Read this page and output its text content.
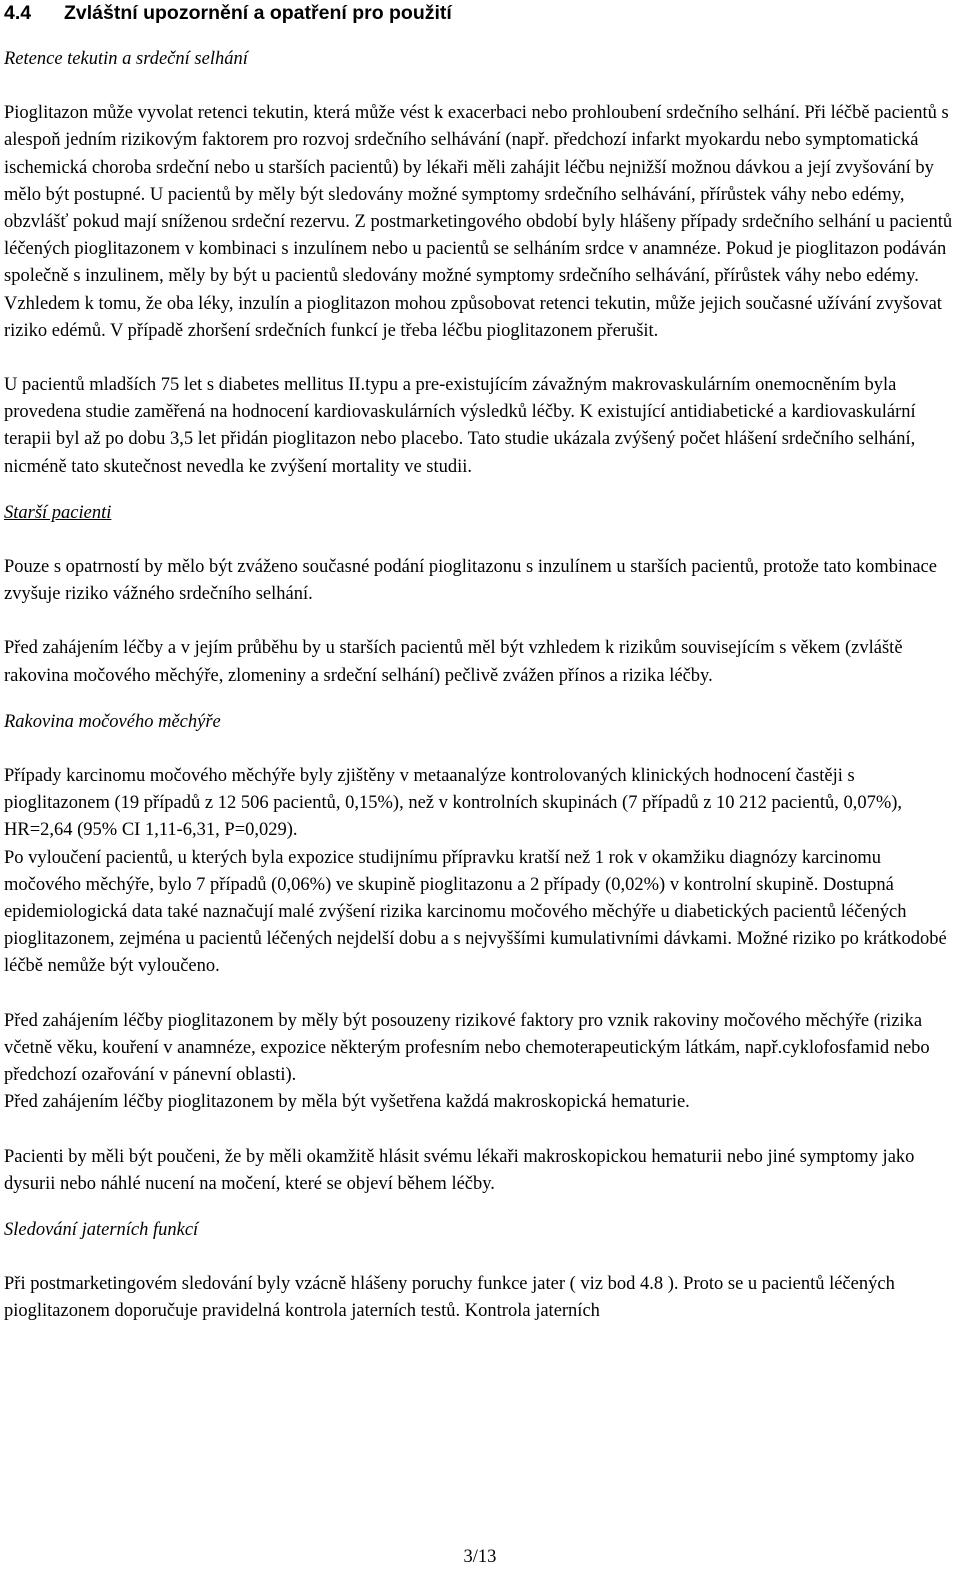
4.4	Zvláštní upozornění a opatření pro použití
Retence tekutin a srdeční selhání

Pioglitazon může vyvolat retenci tekutin, která může vést k exacerbaci nebo prohloubení srdečního selhání. Při léčbě pacientů s alespoň jedním rizikovým faktorem pro rozvoj srdečního selhávání (např. předchozí infarkt myokardu nebo symptomatická ischemická choroba srdeční nebo u starších pacientů) by lékaři měli zahájit léčbu nejnižší možnou dávkou a její zvyšování by mělo být postupné. U pacientů by měly být sledovány možné symptomy srdečního selhávání, přírůstek váhy nebo edémy, obzvlášť pokud mají sníženou srdeční rezervu. Z postmarketingového období byly hlášeny případy srdečního selhání u pacientů léčených pioglitazonem v kombinaci s inzulínem nebo u pacientů se selháním srdce v anamnéze. Pokud je pioglitazon podáván společně s inzulinem, měly by být u pacientů sledovány možné symptomy srdečního selhávání, přírůstek váhy nebo edémy. Vzhledem k tomu, že oba léky, inzulín a pioglitazon mohou způsobovat retenci tekutin, může jejich současné užívání zvyšovat riziko edémů. V případě zhoršení srdečních funkcí je třeba léčbu pioglitazonem přerušit.

U pacientů mladších 75 let s diabetes mellitus II.typu a pre-existujícím závažným makrovaskulárním onemocněním byla provedena studie zaměřená na hodnocení kardiovaskulárních výsledků léčby. K existující antidiabetické a kardiovaskulární terapii byl až po dobu 3,5 let přidán pioglitazon nebo placebo. Tato studie ukázala zvýšený počet hlášení srdečního selhání, nicméně tato skutečnost nevedla ke zvýšení mortality ve studii.

Starší pacienti

Pouze s opatrností by mělo být zváženo současné podání pioglitazonu s inzulínem u starších pacientů, protože tato kombinace zvyšuje riziko vážného srdečního selhání.

Před zahájením léčby a v jejím průběhu by u starších pacientů měl být vzhledem k rizikům souvisejícím s věkem (zvláště rakovina močového měchýře, zlomeniny a srdeční selhání) pečlivě zvážen přínos a rizika léčby.

Rakovina močového měchýře

Případy karcinomu močového měchýře byly zjištěny v metaanalýze kontrolovaných klinických hodnocení častěji s pioglitazonem (19 případů z 12 506 pacientů, 0,15%), než v kontrolních skupinách (7 případů z 10 212 pacientů, 0,07%), HR=2,64 (95% CI 1,11-6,31, P=0,029).

Po vyloučení pacientů, u kterých byla expozice studijnímu přípravku kratší než 1 rok v okamžiku diagnózy karcinomu močového měchýře, bylo 7 případů (0,06%) ve skupině pioglitazonu a 2 případy (0,02%) v kontrolní skupině. Dostupná epidemiologická data také naznačují malé zvýšení rizika karcinomu močového měchýře u diabetických pacientů léčených pioglitazonem, zejména u pacientů léčených nejdelší dobu a s nejvyššími kumulativními dávkami. Možné riziko po krátkodobé léčbě nemůže být vyloučeno.

Před zahájením léčby pioglitazonem by měly být posouzeny rizikové faktory pro vznik rakoviny močového měchýře (rizika včetně věku, kouření v anamnéze, expozice některým profesním nebo chemoterapeutickým látkám, např.cyklofosfamid nebo předchozí ozařování v pánevní oblasti).

Před zahájením léčby pioglitazonem by měla být vyšetřena každá makroskopická hematurie.

Pacienti by měli být poučeni, že by měli okamžitě hlásit svému lékaři makroskopickou hematurii nebo jiné symptomy jako dysurii nebo náhlé nucení na močení, které se objeví během léčby.

Sledování jaterních funkcí

Při postmarketingovém sledování byly vzácně hlášeny poruchy funkce jater ( viz bod 4.8 ). Proto se u pacientů léčených pioglitazonem doporučuje pravidelná kontrola jaterních testů. Kontrola jaterních

3/13
